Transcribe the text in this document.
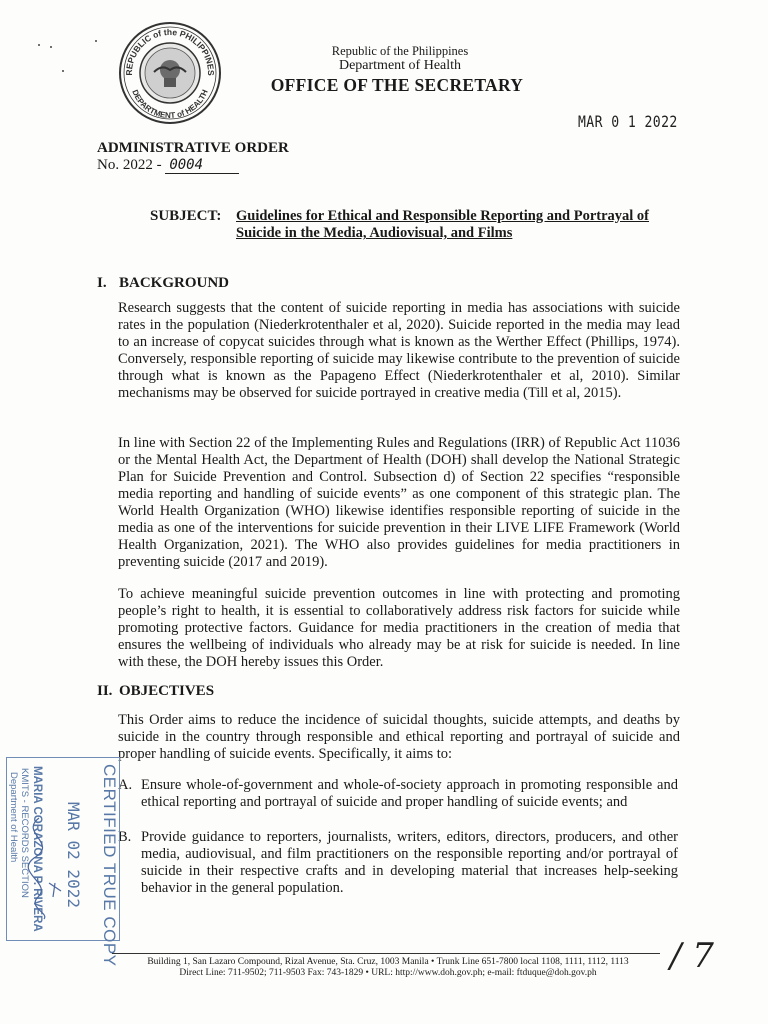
REPUBLIC of the PHILIPPINES
DEPARTMENT of HEALTH
Republic of the Philippines
Department of Health
OFFICE OF THE SECRETARY
MAR 0 1 2022
ADMINISTRATIVE ORDER
No. 2022 - 0004
SUBJECT: Guidelines for Ethical and Responsible Reporting and Portrayal of Suicide in the Media, Audiovisual, and Films
I. BACKGROUND
Research suggests that the content of suicide reporting in media has associations with suicide rates in the population (Niederkrotenthaler et al, 2020). Suicide reported in the media may lead to an increase of copycat suicides through what is known as the Werther Effect (Phillips, 1974). Conversely, responsible reporting of suicide may likewise contribute to the prevention of suicide through what is known as the Papageno Effect (Niederkrotenthaler et al, 2010). Similar mechanisms may be observed for suicide portrayed in creative media (Till et al, 2015).
In line with Section 22 of the Implementing Rules and Regulations (IRR) of Republic Act 11036 or the Mental Health Act, the Department of Health (DOH) shall develop the National Strategic Plan for Suicide Prevention and Control. Subsection d) of Section 22 specifies “responsible media reporting and handling of suicide events” as one component of this strategic plan. The World Health Organization (WHO) likewise identifies responsible reporting of suicide in the media as one of the interventions for suicide prevention in their LIVE LIFE Framework (World Health Organization, 2021). The WHO also provides guidelines for media practitioners in preventing suicide (2017 and 2019).
To achieve meaningful suicide prevention outcomes in line with protecting and promoting people’s right to health, it is essential to collaboratively address risk factors for suicide while promoting protective factors. Guidance for media practitioners in the creation of media that ensures the wellbeing of individuals who already may be at risk for suicide is needed. In line with these, the DOH hereby issues this Order.
II. OBJECTIVES
This Order aims to reduce the incidence of suicidal thoughts, suicide attempts, and deaths by suicide in the country through responsible and ethical reporting and portrayal of suicide and proper handling of suicide events. Specifically, it aims to:
A. Ensure whole-of-government and whole-of-society approach in promoting responsible and ethical reporting and portrayal of suicide and proper handling of suicide events; and
B. Provide guidance to reporters, journalists, writers, editors, directors, producers, and other media, audiovisual, and film practitioners on the responsible reporting and/or portrayal of suicide in their respective crafts and in developing material that increases help-seeking behavior in the general population.
CERTIFIED TRUE COPY
MAR 02 2022
MARIA CORAZONA P. RIVERA
KMITS - RECORDS SECTION
Department of Health
Building 1, San Lazaro Compound, Rizal Avenue, Sta. Cruz, 1003 Manila • Trunk Line 651-7800 local 1108, 1111, 1112, 1113
Direct Line: 711-9502; 711-9503 Fax: 743-1829 • URL: http://www.doh.gov.ph; e-mail: ftduque@doh.gov.ph	/ 7
